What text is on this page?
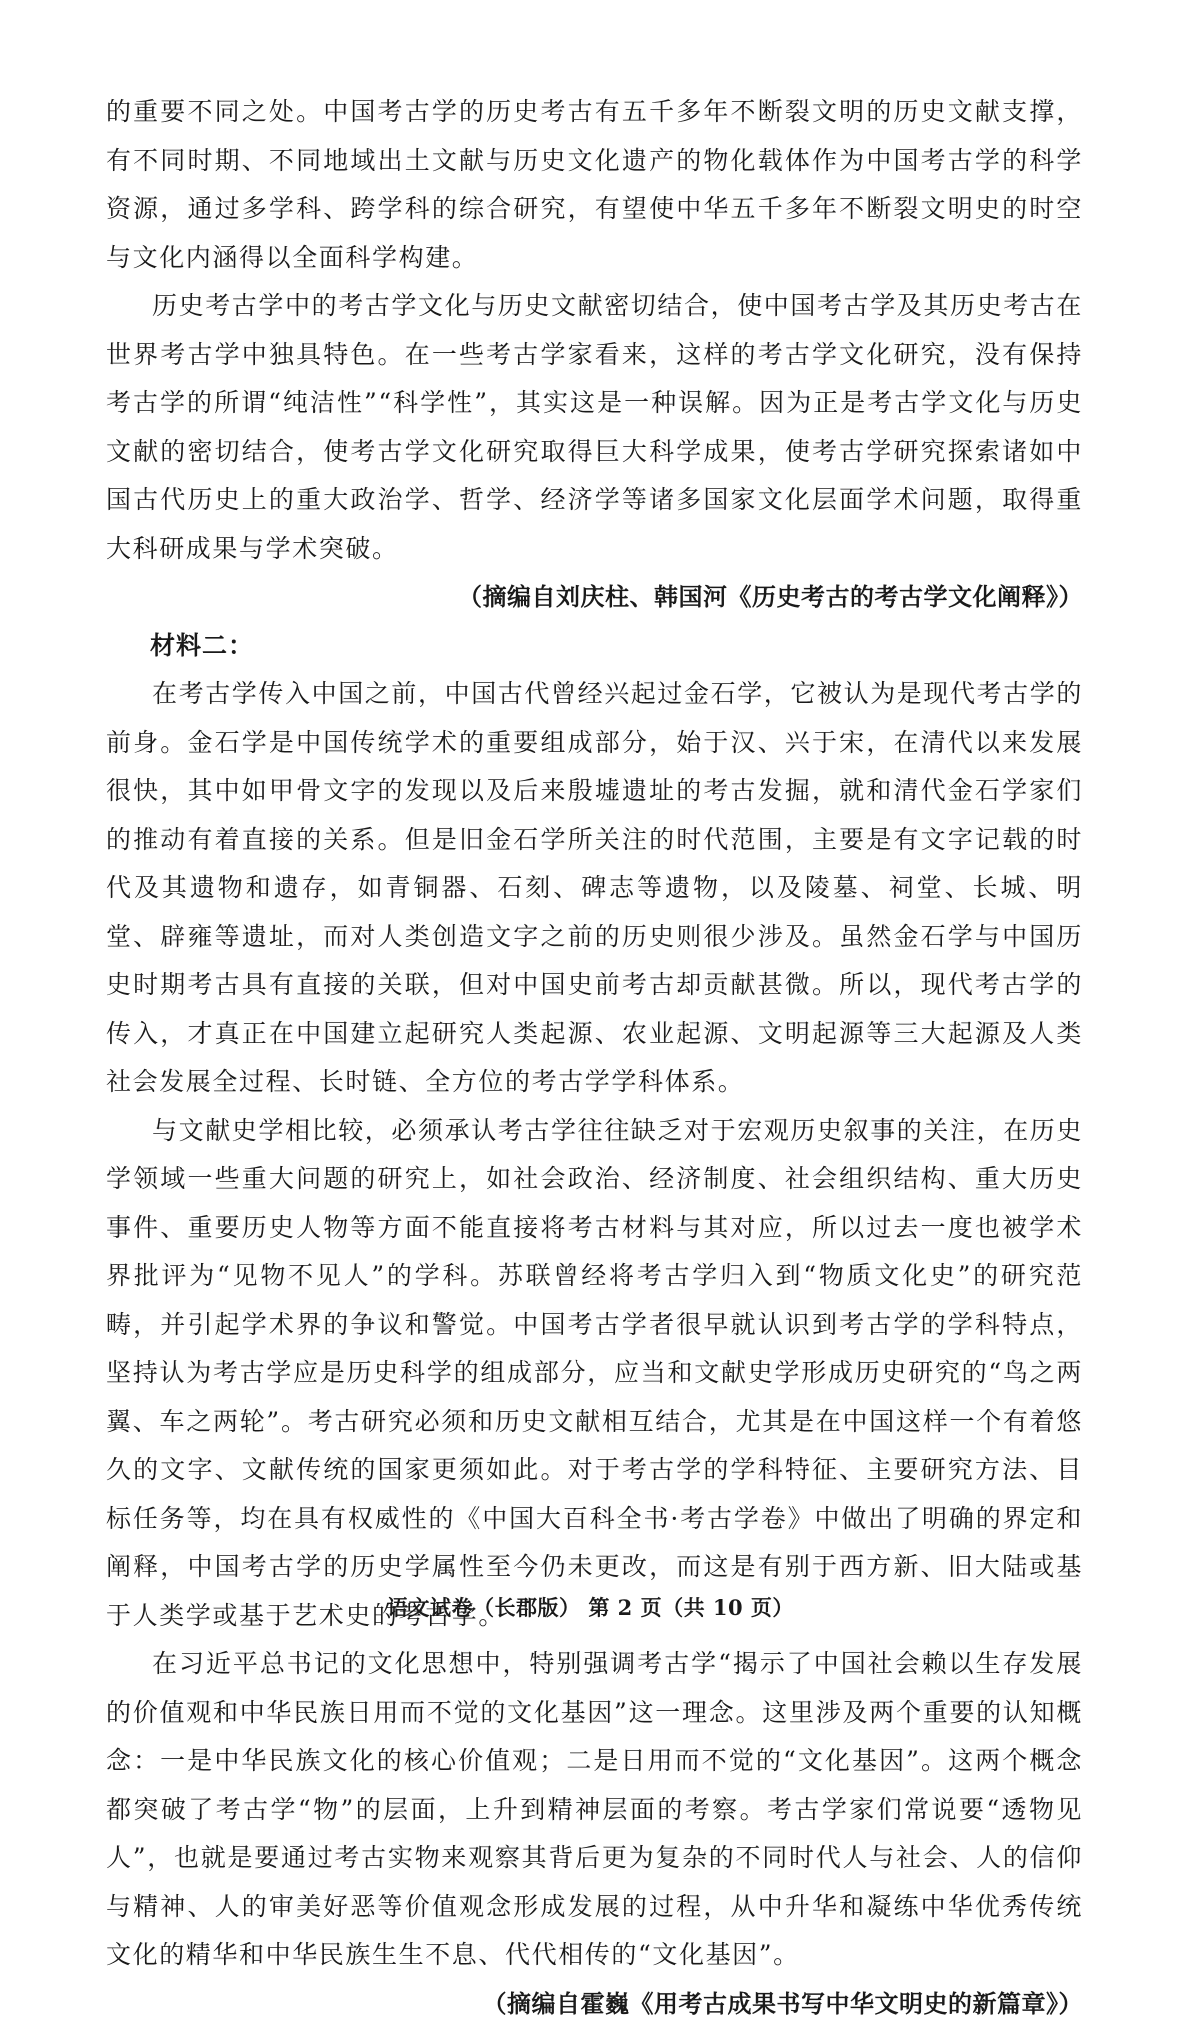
的重要不同之处。中国考古学的历史考古有五千多年不断裂文明的历史文献支撑，有不同时期、不同地域出土文献与历史文化遗产的物化载体作为中国考古学的科学资源，通过多学科、跨学科的综合研究，有望使中华五千多年不断裂文明史的时空与文化内涵得以全面科学构建。

历史考古学中的考古学文化与历史文献密切结合，使中国考古学及其历史考古在世界考古学中独具特色。在一些考古学家看来，这样的考古学文化研究，没有保持考古学的所谓“纯洁性”“科学性”，其实这是一种误解。因为正是考古学文化与历史文献的密切结合，使考古学文化研究取得巨大科学成果，使考古学研究探索诸如中国古代历史上的重大政治学、哲学、经济学等诸多国家文化层面学术问题，取得重大科研成果与学术突破。

（摘编自刘庆柱、韩国河《历史考古的考古学文化阐释》）

材料二：

在考古学传入中国之前，中国古代曾经兴起过金石学，它被认为是现代考古学的前身。金石学是中国传统学术的重要组成部分，始于汉、兴于宋，在清代以来发展很快，其中如甲骨文字的发现以及后来殷墟遗址的考古发掘，就和清代金石学家们的推动有着直接的关系。但是旧金石学所关注的时代范围，主要是有文字记载的时代及其遗物和遗存，如青铜器、石刻、碑志等遗物，以及陵墓、祠堂、长城、明堂、辟雍等遗址，而对人类创造文字之前的历史则很少涉及。虽然金石学与中国历史时期考古具有直接的关联，但对中国史前考古却贡献甚微。所以，现代考古学的传入，才真正在中国建立起研究人类起源、农业起源、文明起源等三大起源及人类社会发展全过程、长时链、全方位的考古学学科体系。

与文献史学相比较，必须承认考古学往往缺乏对于宏观历史叙事的关注，在历史学领域一些重大问题的研究上，如社会政治、经济制度、社会组织结构、重大历史事件、重要历史人物等方面不能直接将考古材料与其对应，所以过去一度也被学术界批评为“见物不见人”的学科。苏联曾经将考古学归入到“物质文化史”的研究范畴，并引起学术界的争议和警觉。中国考古学者很早就认识到考古学的学科特点，坚持认为考古学应是历史科学的组成部分，应当和文献史学形成历史研究的“鸟之两翼、车之两轮”。考古研究必须和历史文献相互结合，尤其是在中国这样一个有着悠久的文字、文献传统的国家更须如此。对于考古学的学科特征、主要研究方法、目标任务等，均在具有权威性的《中国大百科全书·考古学卷》中做出了明确的界定和阐释，中国考古学的历史学属性至今仍未更改，而这是有别于西方新、旧大陆或基于人类学或基于艺术史的考古学。

在习近平总书记的文化思想中，特别强调考古学“揭示了中国社会赖以生存发展的价值观和中华民族日用而不觉的文化基因”这一理念。这里涉及两个重要的认知概念：一是中华民族文化的核心价值观；二是日用而不觉的“文化基因”。这两个概念都突破了考古学“物”的层面，上升到精神层面的考察。考古学家们常说要“透物见人”，也就是要通过考古实物来观察其背后更为复杂的不同时代人与社会、人的信仰与精神、人的审美好恶等价值观念形成发展的过程，从中升华和凝练中华优秀传统文化的精华和中华民族生生不息、代代相传的“文化基因”。

（摘编自霍巍《用考古成果书写中华文明史的新篇章》）

语文试卷（长郡版） 第 2 页（共 10 页）
